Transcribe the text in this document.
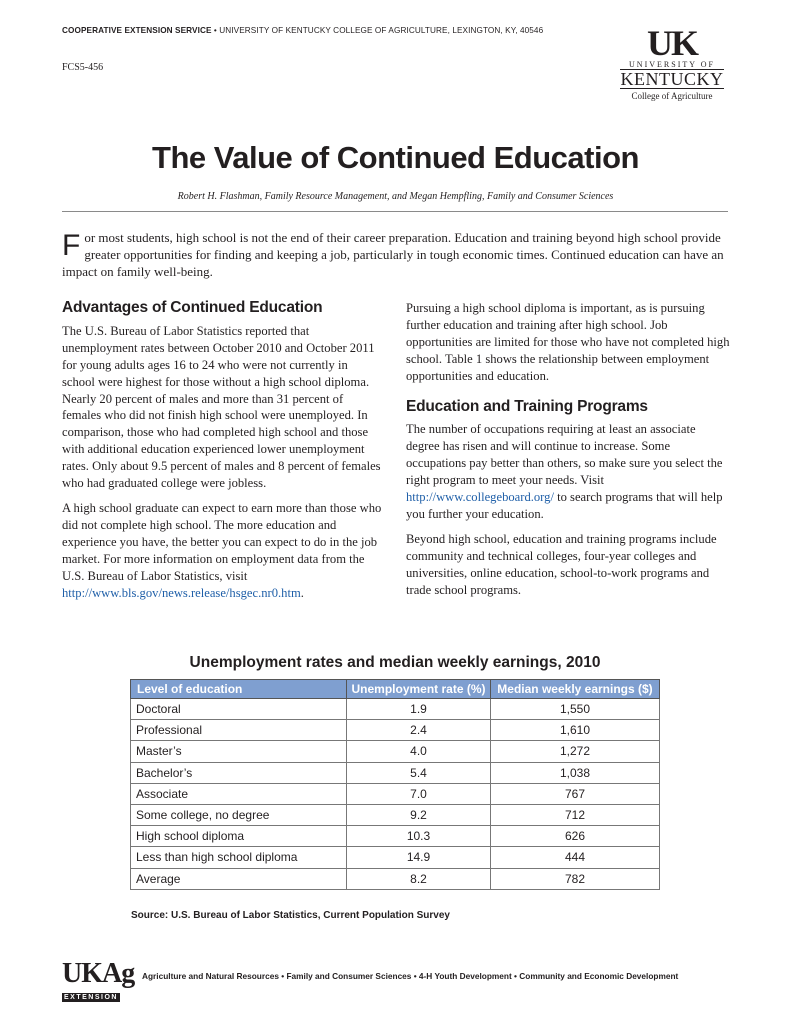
COOPERATIVE EXTENSION SERVICE • UNIVERSITY OF KENTUCKY COLLEGE OF AGRICULTURE, LEXINGTON, KY, 40546
FCS5-456
UK
UNIVERSITY OF
KENTUCKY
College of Agriculture
The Value of Continued Education
Robert H. Flashman, Family Resource Management, and Megan Hempfling, Family and Consumer Sciences
For most students, high school is not the end of their career preparation. Education and training beyond high school provide greater opportunities for finding and keeping a job, particularly in tough economic times. Continued education can have an impact on family well-being.
Advantages of Continued Education

The U.S. Bureau of Labor Statistics reported that unemployment rates between October 2010 and October 2011 for young adults ages 16 to 24 who were not currently in school were highest for those without a high school diploma. Nearly 20 percent of males and more than 31 percent of females who did not finish high school were unemployed. In comparison, those who had completed high school and those with additional education experienced lower unemployment rates. Only about 9.5 percent of males and 8 percent of females who had graduated college were jobless.

A high school graduate can expect to earn more than those who did not complete high school. The more education and experience you have, the better you can expect to do in the job market. For more information on employment data from the U.S. Bureau of Labor Statistics, visit http://www.bls.gov/news.release/hsgec.nr0.htm.

Pursuing a high school diploma is important, as is pursuing further education and training after high school. Job opportunities are limited for those who have not completed high school. Table 1 shows the relationship between employment opportunities and education.

Education and Training Programs

The number of occupations requiring at least an associate degree has risen and will continue to increase. Some occupations pay better than others, so make sure you select the right program to meet your needs. Visit http://www.collegeboard.org/ to search programs that will help you further your education.

Beyond high school, education and training programs include community and technical colleges, four-year colleges and universities, online education, school-to-work programs and trade school programs.

Unemployment rates and median weekly earnings, 2010
Level of education	Unemployment rate (%)	Median weekly earnings ($)
Doctoral	1.9	1,550
Professional	2.4	1,610
Master’s	4.0	1,272
Bachelor’s	5.4	1,038
Associate	7.0	767
Some college, no degree	9.2	712
High school diploma	10.3	626
Less than high school diploma	14.9	444
Average	8.2	782
Source: U.S. Bureau of Labor Statistics, Current Population Survey
UKAg
EXTENSION
Agriculture and Natural Resources • Family and Consumer Sciences • 4-H Youth Development • Community and Economic Development
